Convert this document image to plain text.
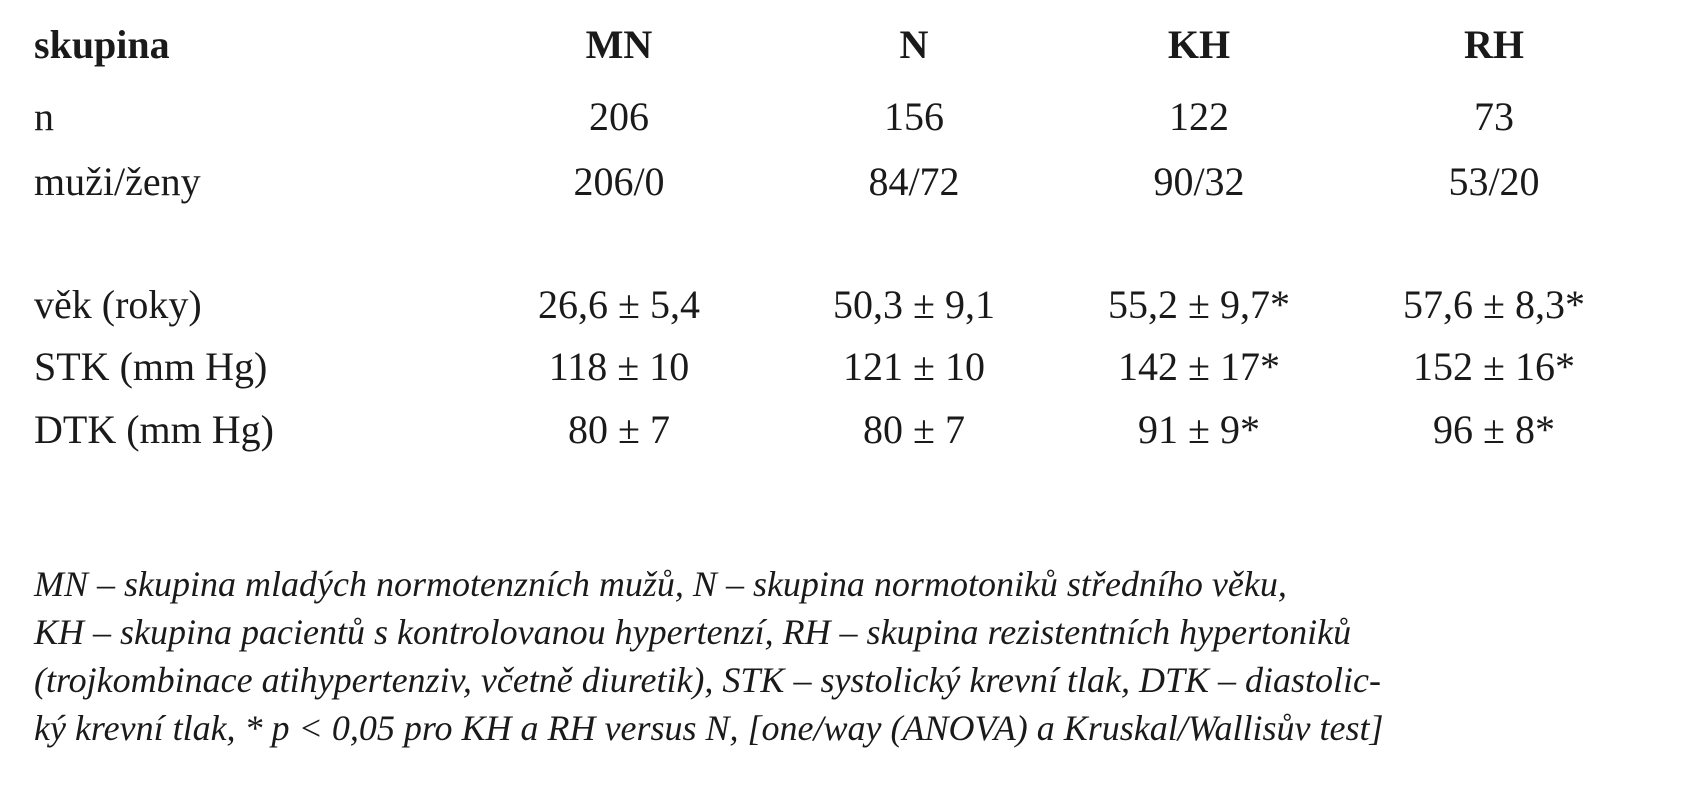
skupina	MN	N	KH	RH
n	206	156	122	73
muži/ženy	206/0	84/72	90/32	53/20
věk (roky)	26,6 ± 5,4	50,3 ± 9,1	55,2 ± 9,7*	57,6 ± 8,3*
STK (mm Hg)	118 ± 10	121 ± 10	142 ± 17*	152 ± 16*
DTK (mm Hg)	80 ± 7	80 ± 7	91 ± 9*	96 ± 8*
MN – skupina mladých normotenzních mužů, N – skupina normotoniků středního věku,
KH – skupina pacientů s kontrolovanou hypertenzí, RH – skupina rezistentních hypertoniků
(trojkombinace atihypertenziv, včetně diuretik), STK – systolický krevní tlak, DTK – diastolic-
ký krevní tlak, * p < 0,05 pro KH a RH versus N, [one/way (ANOVA) a Kruskal/Wallisův test]
